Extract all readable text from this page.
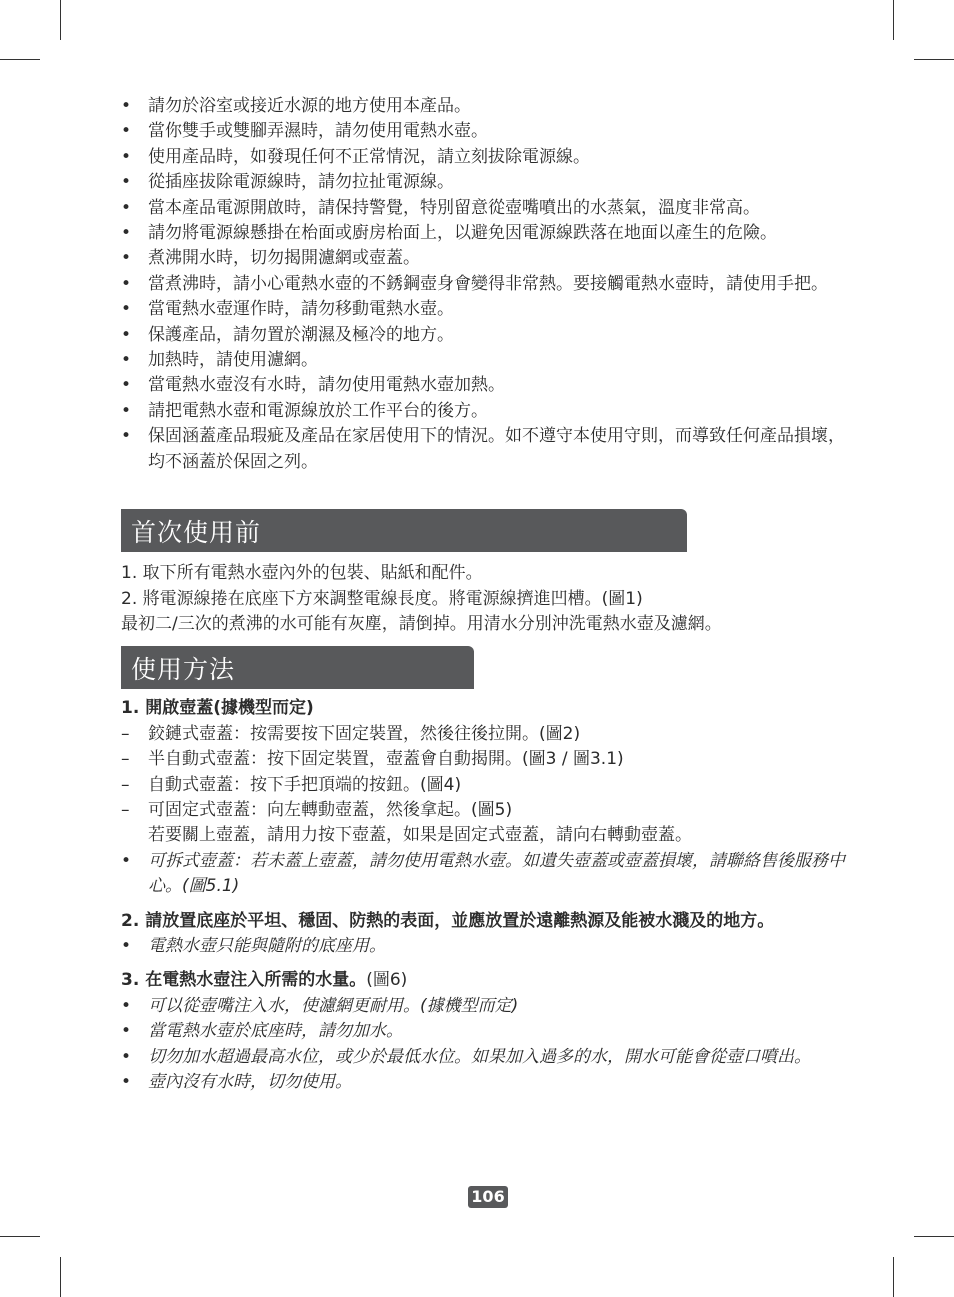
• 請勿於浴室或接近水源的地方使用本產品。
• 當你雙手或雙腳弄濕時，請勿使用電熱水壺。
• 使用產品時，如發現任何不正常情況，請立刻拔除電源線。
• 從插座拔除電源線時，請勿拉扯電源線。
• 當本產品電源開啟時，請保持警覺，特別留意從壺嘴噴出的水蒸氣，溫度非常高。
• 請勿將電源線懸掛在枱面或廚房枱面上，以避免因電源線跌落在地面以產生的危險。
• 煮沸開水時，切勿揭開濾網或壺蓋。
• 當煮沸時，請小心電熱水壺的不銹鋼壺身會變得非常熱。要接觸電熱水壺時，請使用手把。
• 當電熱水壺運作時，請勿移動電熱水壺。
• 保護產品，請勿置於潮濕及極冷的地方。
• 加熱時，請使用濾網。
• 當電熱水壺沒有水時，請勿使用電熱水壺加熱。
• 請把電熱水壺和電源線放於工作平台的後方。
• 保固涵蓋產品瑕疵及產品在家居使用下的情況。如不遵守本使用守則，而導致任何產品損壞，均不涵蓋於保固之列。
首次使用前
1. 取下所有電熱水壺內外的包裝、貼紙和配件。
2. 將電源線捲在底座下方來調整電線長度。將電源線擠進凹槽。(圖1)

最初二/三次的煮沸的水可能有灰塵，請倒掉。用清水分別沖洗電熱水壺及濾網。

使用方法

1. 開啟壺蓋(據機型而定)

– 鉸鏈式壺蓋：按需要按下固定裝置，然後往後拉開。(圖2)
– 半自動式壺蓋：按下固定裝置，壺蓋會自動揭開。(圖3 / 圖3.1)
– 自動式壺蓋：按下手把頂端的按鈕。(圖4)
– 可固定式壺蓋：向左轉動壺蓋，然後拿起。(圖5)

若要關上壺蓋，請用力按下壺蓋，如果是固定式壺蓋，請向右轉動壺蓋。

• 可拆式壺蓋：若未蓋上壺蓋，請勿使用電熱水壺。如遺失壺蓋或壺蓋損壞，請聯絡售後服務中心。(圖5.1)

2. 請放置底座於平坦、穩固、防熱的表面，並應放置於遠離熱源及能被水濺及的地方。

• 電熱水壺只能與隨附的底座用。

3. 在電熱水壺注入所需的水量。(圖6)

• 可以從壺嘴注入水，使濾網更耐用。(據機型而定)
• 當電熱水壺於底座時，請勿加水。
• 切勿加水超過最高水位，或少於最低水位。如果加入過多的水，開水可能會從壺口噴出。
• 壺內沒有水時，切勿使用。
106
